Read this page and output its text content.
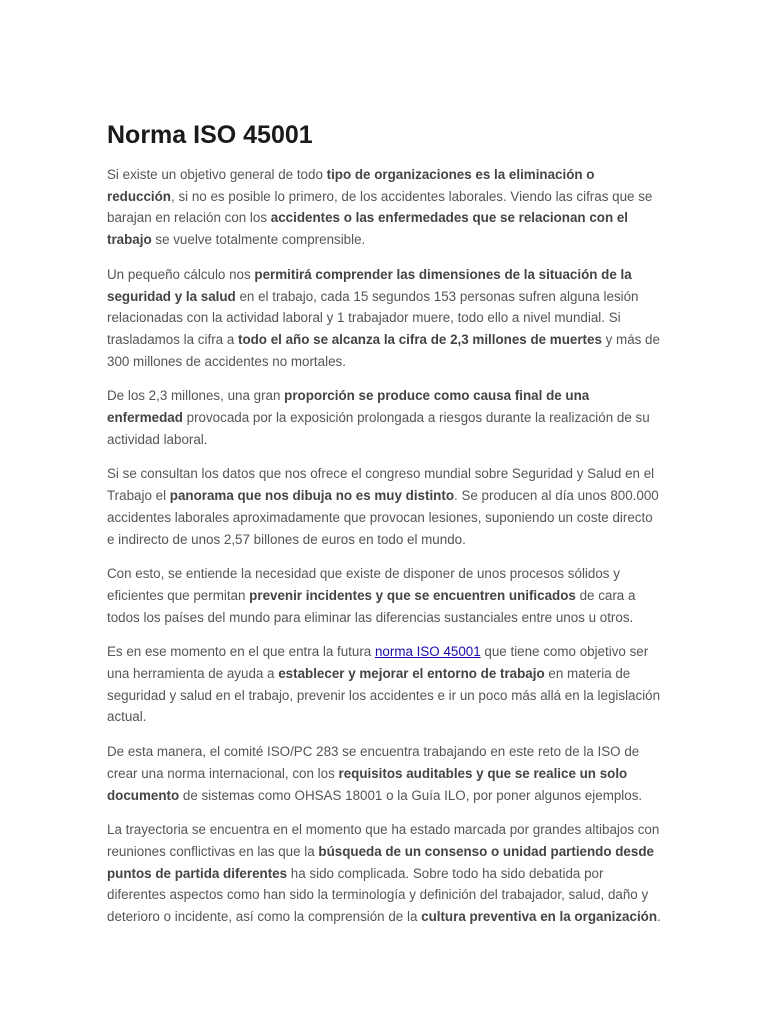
Norma ISO 45001

Si existe un objetivo general de todo tipo de organizaciones es la eliminación o reducción, si no es posible lo primero, de los accidentes laborales. Viendo las cifras que se barajan en relación con los accidentes o las enfermedades que se relacionan con el trabajo se vuelve totalmente comprensible.

Un pequeño cálculo nos permitirá comprender las dimensiones de la situación de la seguridad y la salud en el trabajo, cada 15 segundos 153 personas sufren alguna lesión relacionadas con la actividad laboral y 1 trabajador muere, todo ello a nivel mundial. Si trasladamos la cifra a todo el año se alcanza la cifra de 2,3 millones de muertes y más de 300 millones de accidentes no mortales.

De los 2,3 millones, una gran proporción se produce como causa final de una enfermedad provocada por la exposición prolongada a riesgos durante la realización de su actividad laboral.

Si se consultan los datos que nos ofrece el congreso mundial sobre Seguridad y Salud en el Trabajo el panorama que nos dibuja no es muy distinto. Se producen al día unos 800.000 accidentes laborales aproximadamente que provocan lesiones, suponiendo un coste directo e indirecto de unos 2,57 billones de euros en todo el mundo.

Con esto, se entiende la necesidad que existe de disponer de unos procesos sólidos y eficientes que permitan prevenir incidentes y que se encuentren unificados de cara a todos los países del mundo para eliminar las diferencias sustanciales entre unos u otros.

Es en ese momento en el que entra la futura norma ISO 45001 que tiene como objetivo ser una herramienta de ayuda a establecer y mejorar el entorno de trabajo en materia de seguridad y salud en el trabajo, prevenir los accidentes e ir un poco más allá en la legislación actual.

De esta manera, el comité ISO/PC 283 se encuentra trabajando en este reto de la ISO de crear una norma internacional, con los requisitos auditables y que se realice un solo documento de sistemas como OHSAS 18001 o la Guía ILO, por poner algunos ejemplos.

La trayectoria se encuentra en el momento que ha estado marcada por grandes altibajos con reuniones conflictivas en las que la búsqueda de un consenso o unidad partiendo desde puntos de partida diferentes ha sido complicada. Sobre todo ha sido debatida por diferentes aspectos como han sido la terminología y definición del trabajador, salud, daño y deterioro o incidente, así como la comprensión de la cultura preventiva en la organización.
